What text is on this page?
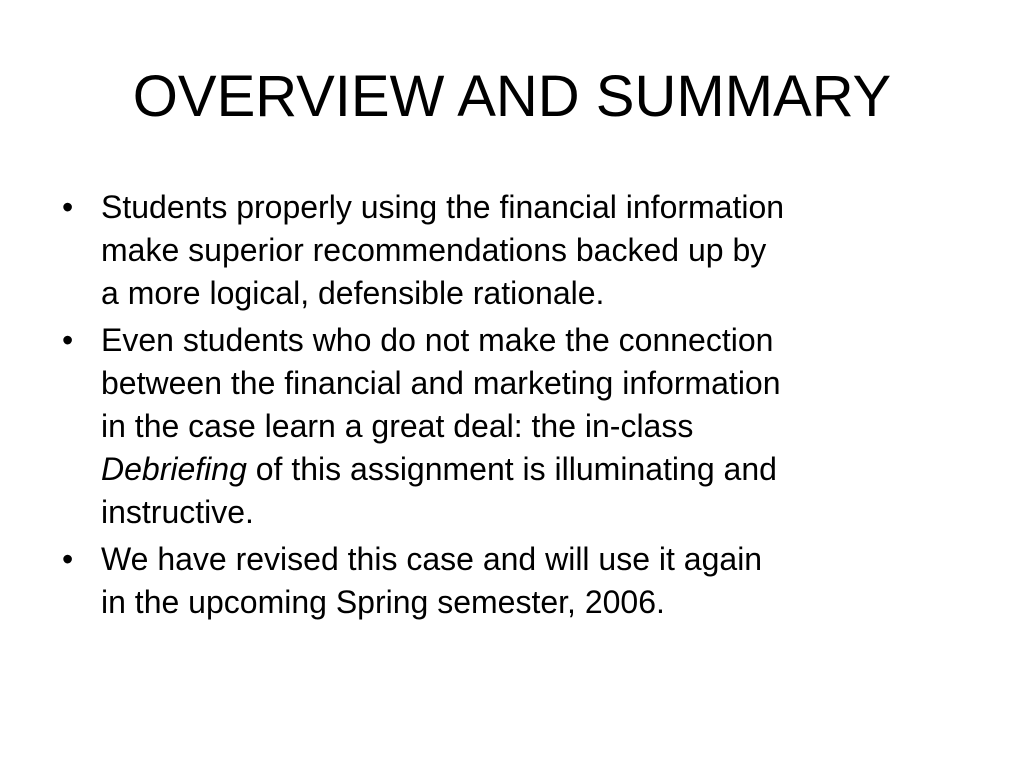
OVERVIEW AND SUMMARY
• Students properly using the financial information
make superior recommendations backed up by
a more logical, defensible rationale.
• Even students who do not make the connection
between the financial and marketing information
in the case learn a great deal: the in-class
Debriefing of this assignment is illuminating and
instructive.
• We have revised this case and will use it again
in the upcoming Spring semester, 2006.
